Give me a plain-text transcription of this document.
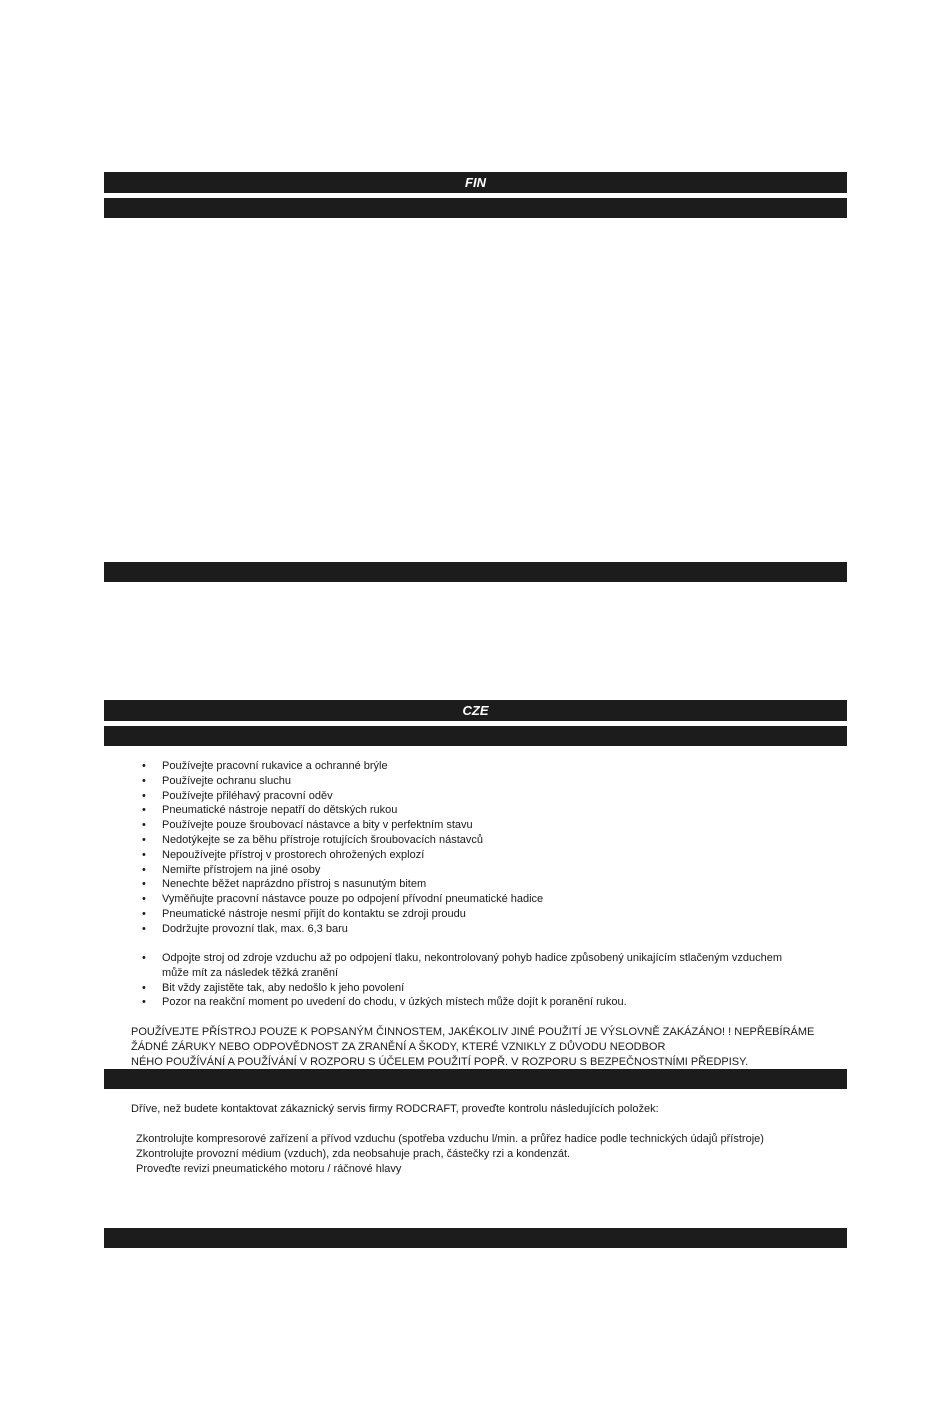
FIN
CZE
• Používejte pracovní rukavice a ochranné brýle
• Používejte ochranu sluchu
• Používejte přiléhavý pracovní oděv
• Pneumatické nástroje nepatří do dětských rukou
• Používejte pouze šroubovací nástavce a bity v perfektním stavu
• Nedotýkejte se za běhu přístroje rotujících šroubovacích nástavců
• Nepoužívejte přístroj v prostorech ohrožených explozí
• Nemiřte přístrojem na jiné osoby
• Nenechte běžet naprázdno přístroj s nasunutým bitem
• Vyměňujte pracovní nástavce pouze po odpojení přívodní pneumatické hadice
• Pneumatické nástroje nesmí přijít do kontaktu se zdroji proudu
• Dodržujte provozní tlak, max. 6,3 baru
• Odpojte stroj od zdroje vzduchu až po odpojení tlaku, nekontrolovaný pohyb hadice způsobený unikajícím stlačeným vzduchem může mít za následek těžká zranění
• Bit vždy zajistěte tak, aby nedošlo k jeho povolení
• Pozor na reakční moment po uvedení do chodu, v úzkých místech může dojít k poranění rukou.
POUŽÍVEJTE PŘÍSTROJ POUZE K POPSANÝM ČINNOSTEM, JAKÉKOLIV JINÉ POUŽITÍ JE VÝSLOVNĚ ZAKÁZÁNO! ! NEPŘEBÍRÁME ŽÁDNÉ ZÁRUKY NEBO ODPOVĚDNOST ZA ZRANĚNÍ A ŠKODY, KTERÉ VZNIKLY Z DŮVODU NEODBOR
NÉHO POUŽÍVÁNÍ A POUŽÍVÁNÍ V ROZPORU S ÚČELEM POUŽITÍ POPŘ. V ROZPORU S BEZPEČNOSTNÍMI PŘEDPISY.

Dříve, než budete kontaktovat zákaznický servis firmy RODCRAFT, proveďte kontrolu následujících položek:

Zkontrolujte kompresorové zařízení a přívod vzduchu (spotřeba vzduchu l/min. a průřez hadice podle technických údajů přístroje)
Zkontrolujte provozní médium (vzduch), zda neobsahuje prach, částečky rzi a kondenzát.
Proveďte revizi pneumatického motoru / ráčnové hlavy
